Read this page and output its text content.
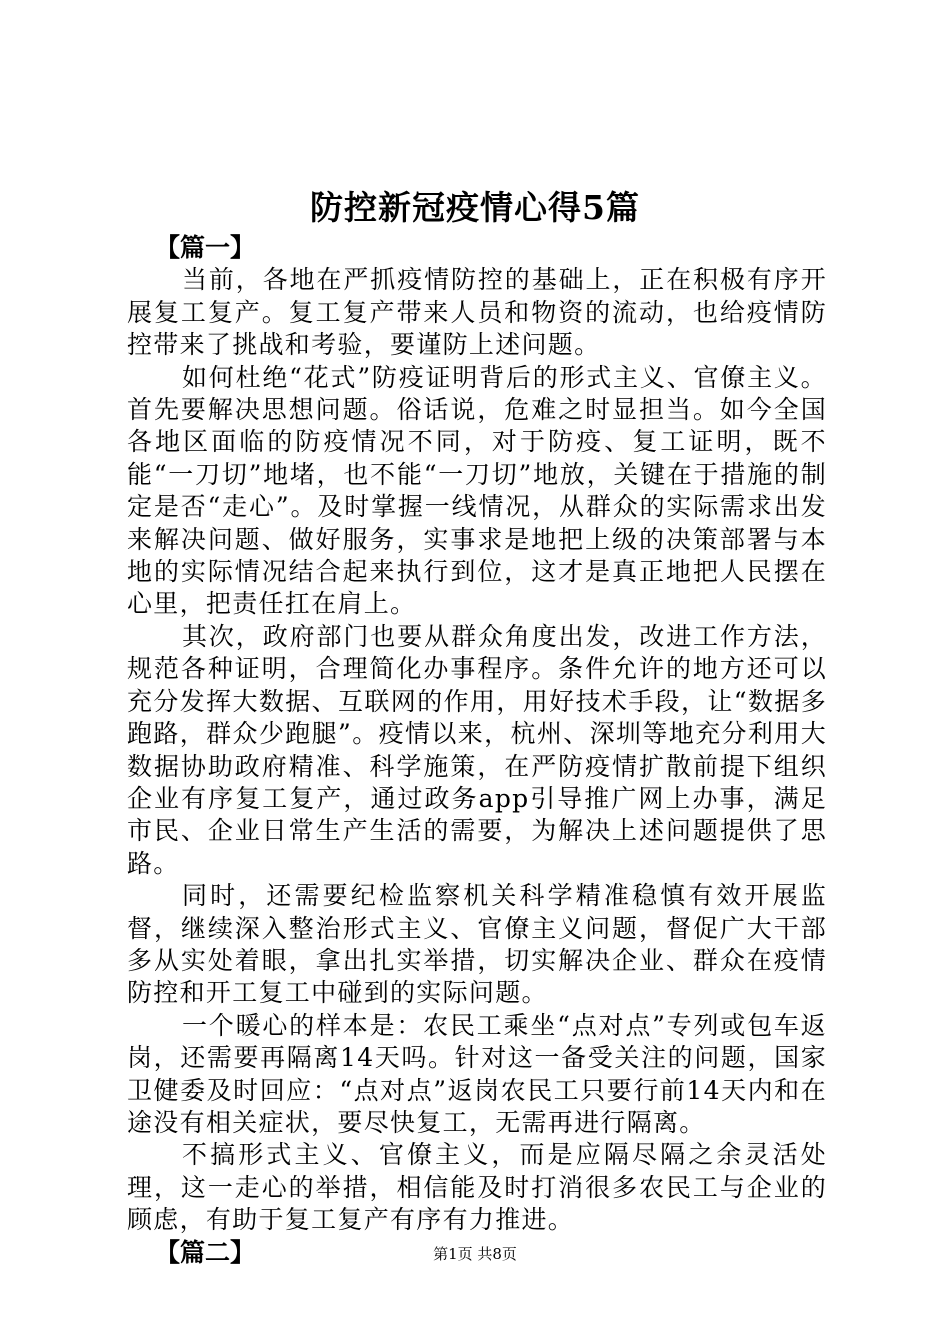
防控新冠疫情心得5篇

【篇一】

当前，各地在严抓疫情防控的基础上，正在积极有序开展复工复产。复工复产带来人员和物资的流动，也给疫情防控带来了挑战和考验，要谨防上述问题。

如何杜绝“花式”防疫证明背后的形式主义、官僚主义。首先要解决思想问题。俗话说，危难之时显担当。如今全国各地区面临的防疫情况不同，对于防疫、复工证明，既不能“一刀切”地堵，也不能“一刀切”地放，关键在于措施的制定是否“走心”。及时掌握一线情况，从群众的实际需求出发来解决问题、做好服务，实事求是地把上级的决策部署与本地的实际情况结合起来执行到位，这才是真正地把人民摆在心里，把责任扛在肩上。

其次，政府部门也要从群众角度出发，改进工作方法，规范各种证明，合理简化办事程序。条件允许的地方还可以充分发挥大数据、互联网的作用，用好技术手段，让“数据多跑路，群众少跑腿”。疫情以来，杭州、深圳等地充分利用大数据协助政府精准、科学施策，在严防疫情扩散前提下组织企业有序复工复产，通过政务app引导推广网上办事，满足市民、企业日常生产生活的需要，为解决上述问题提供了思路。

同时，还需要纪检监察机关科学精准稳慎有效开展监督，继续深入整治形式主义、官僚主义问题，督促广大干部多从实处着眼，拿出扎实举措，切实解决企业、群众在疫情防控和开工复工中碰到的实际问题。

一个暖心的样本是：农民工乘坐“点对点”专列或包车返岗，还需要再隔离14天吗。针对这一备受关注的问题，国家卫健委及时回应：“点对点”返岗农民工只要行前14天内和在途没有相关症状，要尽快复工，无需再进行隔离。

不搞形式主义、官僚主义，而是应隔尽隔之余灵活处理，这一走心的举措，相信能及时打消很多农民工与企业的顾虑，有助于复工复产有序有力推进。

【篇二】	第1页 共8页
